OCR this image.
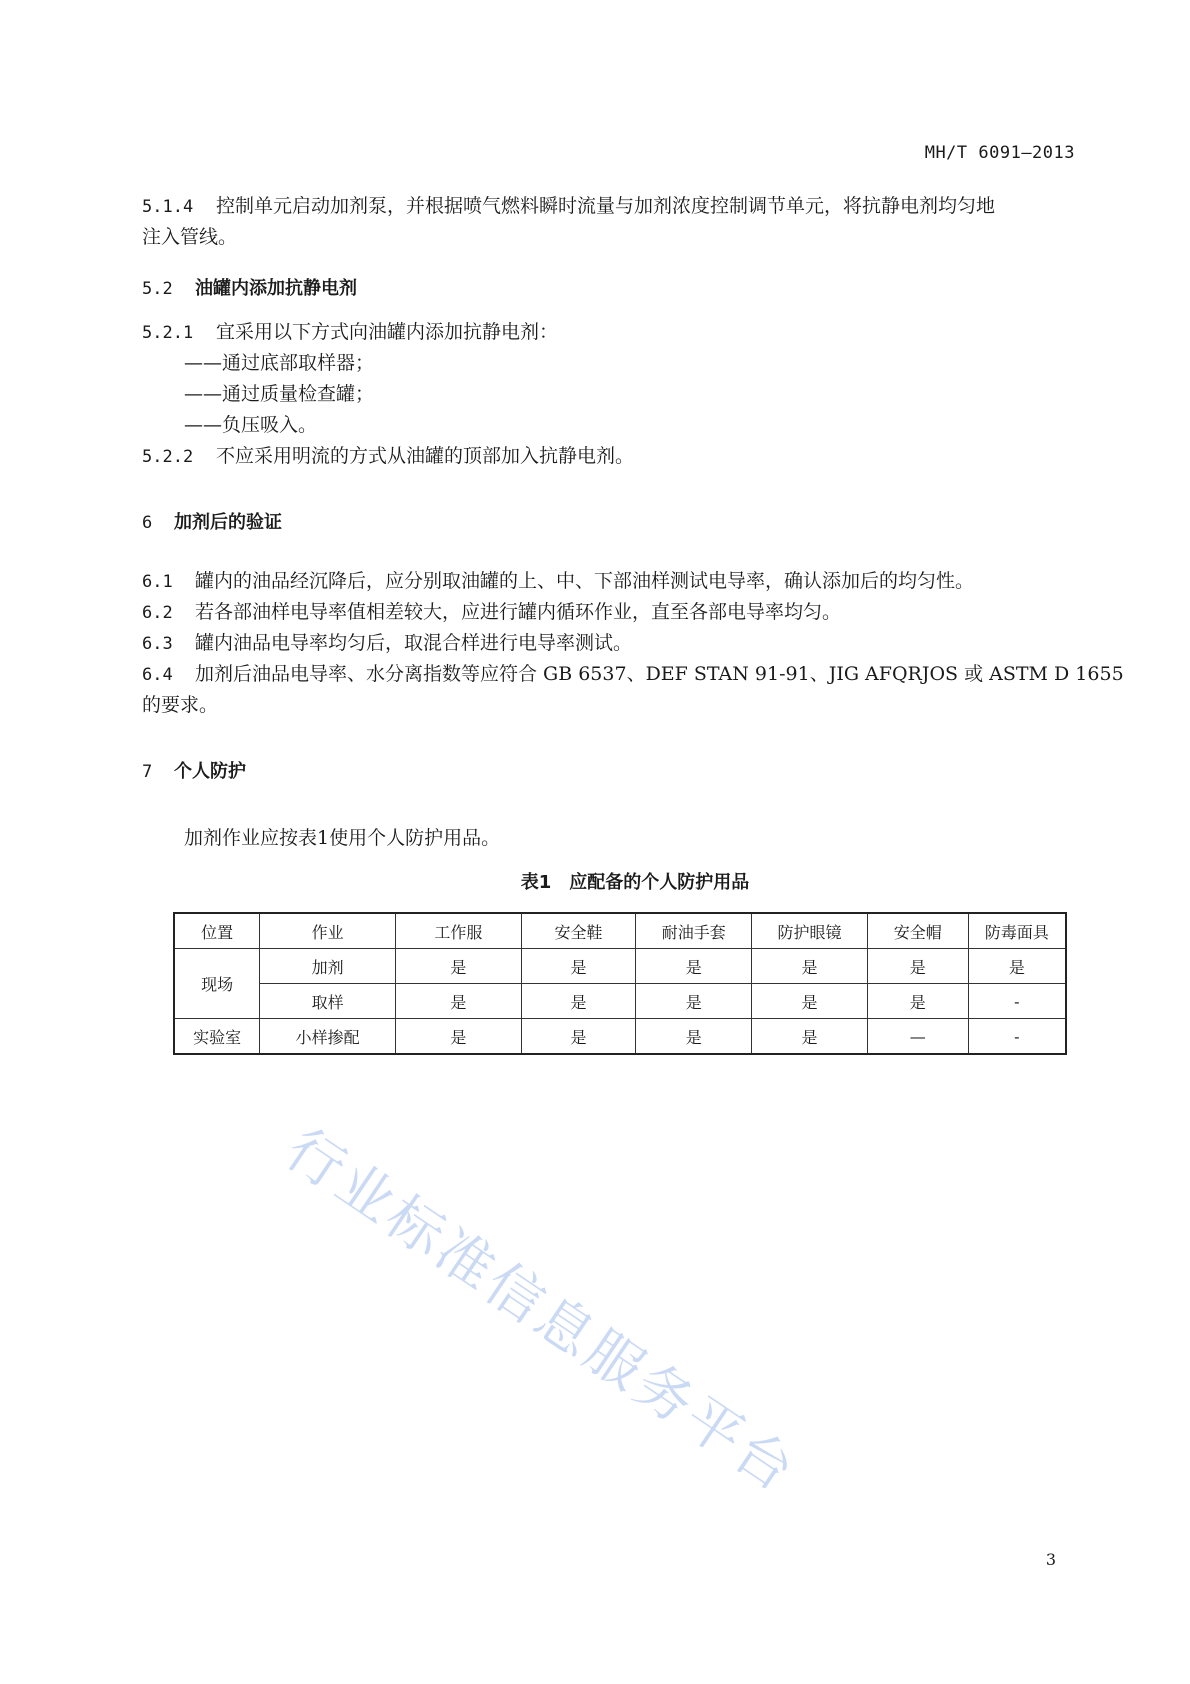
MH/T 6091—2013
5.1.4 控制单元启动加剂泵，并根据喷气燃料瞬时流量与加剂浓度控制调节单元，将抗静电剂均匀地
注入管线。
5.2 油罐内添加抗静电剂
5.2.1 宜采用以下方式向油罐内添加抗静电剂：
——通过底部取样器；
——通过质量检查罐；
——负压吸入。
5.2.2 不应采用明流的方式从油罐的顶部加入抗静电剂。
6 加剂后的验证
6.1 罐内的油品经沉降后，应分别取油罐的上、中、下部油样测试电导率，确认添加后的均匀性。
6.2 若各部油样电导率值相差较大，应进行罐内循环作业，直至各部电导率均匀。
6.3 罐内油品电导率均匀后，取混合样进行电导率测试。
6.4 加剂后油品电导率、水分离指数等应符合 GB 6537、DEF STAN 91-91、JIG AFQRJOS 或 ASTM D 1655
的要求。
7 个人防护
加剂作业应按表1使用个人防护用品。
表1　应配备的个人防护用品
位置	作业	工作服	安全鞋	耐油手套	防护眼镜	安全帽	防毒面具
现场	加剂	是	是	是	是	是	是
	取样	是	是	是	是	是	-
实验室	小样掺配	是	是	是	是	—	-
行业标准信息服务平台
3
